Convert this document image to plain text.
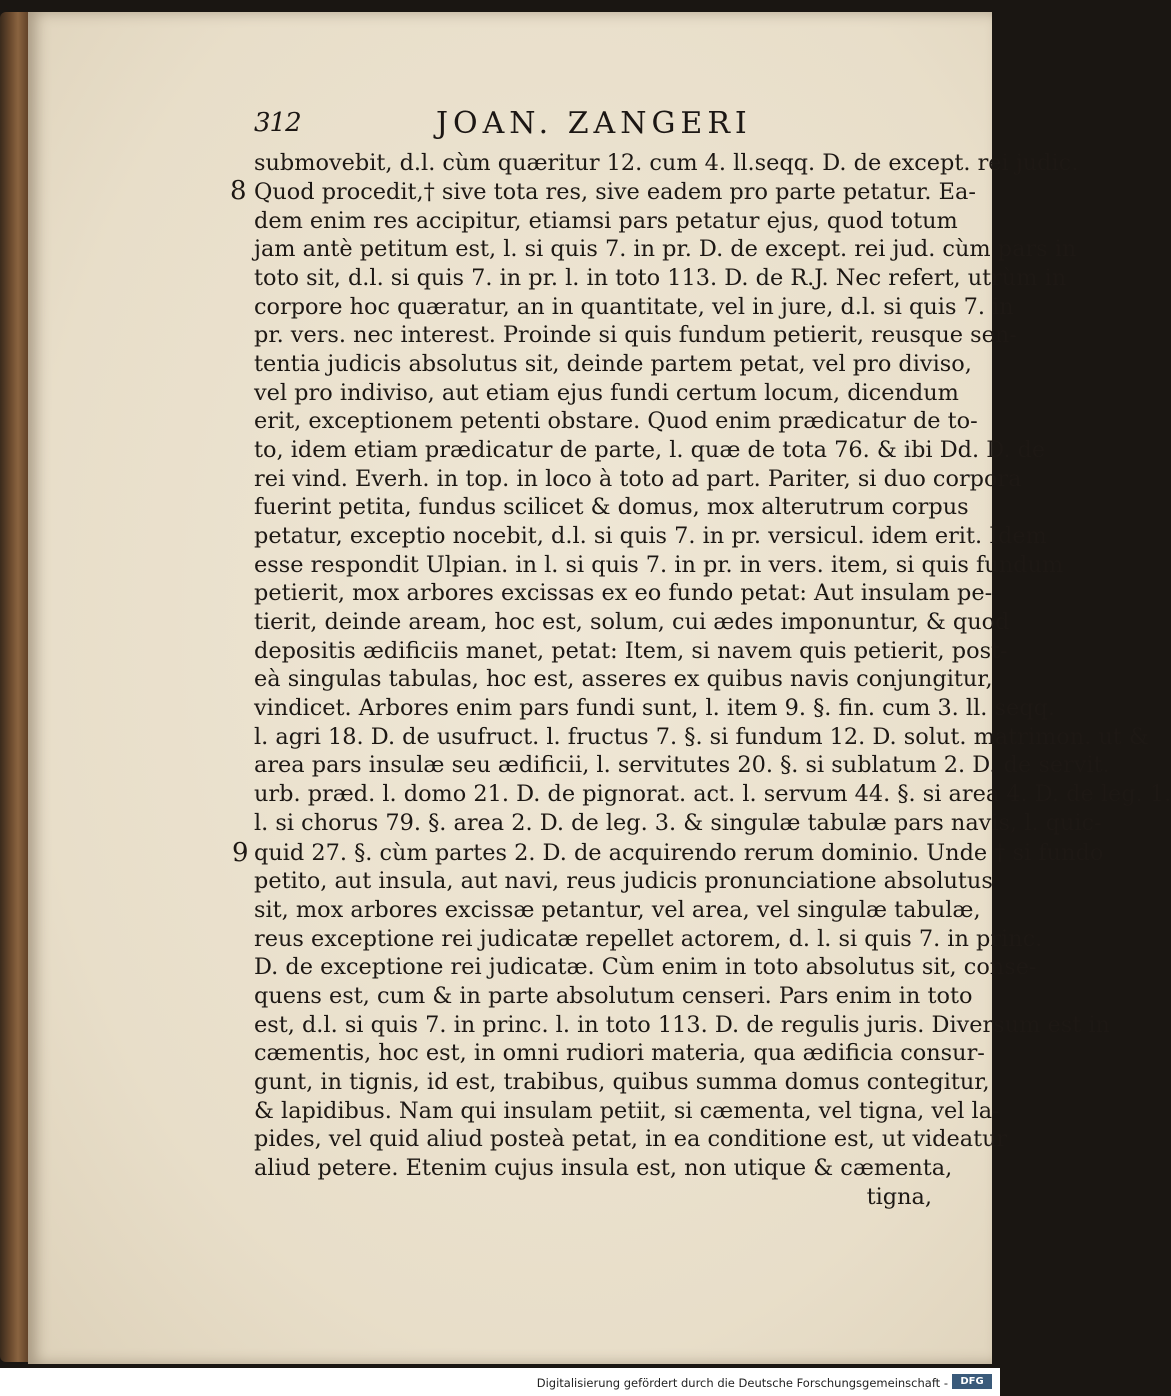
312	JOAN. ZANGERI
8
9
submovebit, d.l. cùm quæritur 12. cum 4. ll.seqq. D. de except. rei judic.
Quod procedit,† sive tota res, sive eadem pro parte petatur. Ea-
dem enim res accipitur, etiamsi pars petatur ejus, quod totum
jam antè petitum est, l. si quis 7. in pr. D. de except. rei jud. cùm pars in
toto sit, d.l. si quis 7. in pr. l. in toto 113. D. de R.J. Nec refert, utrùm in
corpore hoc quæratur, an in quantitate, vel in jure, d.l. si quis 7. in
pr. vers. nec interest. Proinde si quis fundum petierit, reusque sen-
tentia judicis absolutus sit, deinde partem petat, vel pro diviso,
vel pro indiviso, aut etiam ejus fundi certum locum, dicendum
erit, exceptionem petenti obstare. Quod enim prædicatur de to-
to, idem etiam prædicatur de parte, l. quæ de tota 76. & ibi Dd. D. de
rei vind. Everh. in top. in loco à toto ad part. Pariter, si duo corpora
fuerint petita, fundus scilicet & domus, mox alterutrum corpus
petatur, exceptio nocebit, d.l. si quis 7. in pr. versicul. idem erit. Idem
esse respondit Ulpian. in l. si quis 7. in pr. in vers. item, si quis fundum
petierit, mox arbores excissas ex eo fundo petat: Aut insulam pe-
tierit, deinde aream, hoc est, solum, cui ædes imponuntur, & quod
depositis ædificiis manet, petat: Item, si navem quis petierit, post-
eà singulas tabulas, hoc est, asseres ex quibus navis conjungitur,
vindicet. Arbores enim pars fundi sunt, l. item 9. §. fin. cum 3. ll. seqq.
l. agri 18. D. de usufruct. l. fructus 7. §. si fundum 12. D. solut. matrimon. ut &
area pars insulæ seu ædificii, l. servitutes 20. §. si sublatum 2. D. de servit.
urb. præd. l. domo 21. D. de pignorat. act. l. servum 44. §. si area 4. D. de leg. 1.
l. si chorus 79. §. area 2. D. de leg. 3. & singulæ tabulæ pars navis, l. quic-
quid 27. §. cùm partes 2. D. de acquirendo rerum dominio. Unde † si fundo
petito, aut insula, aut navi, reus judicis pronunciatione absolutus
sit, mox arbores excissæ petantur, vel area, vel singulæ tabulæ,
reus exceptione rei judicatæ repellet actorem, d. l. si quis 7. in princ.
D. de exceptione rei judicatæ. Cùm enim in toto absolutus sit, conse-
quens est, cum & in parte absolutum censeri. Pars enim in toto
est, d.l. si quis 7. in princ. l. in toto 113. D. de regulis juris. Diversum est in
cæmentis, hoc est, in omni rudiori materia, qua ædificia consur-
gunt, in tignis, id est, trabibus, quibus summa domus contegitur,
& lapidibus. Nam qui insulam petiit, si cæmenta, vel tigna, vel la-
pides, vel quid aliud posteà petat, in ea conditione est, ut videatur
aliud petere. Etenim cujus insula est, non utique & cæmenta,
tigna,
Digitalisierung gefördert durch die Deutsche Forschungsgemeinschaft -	DFG
